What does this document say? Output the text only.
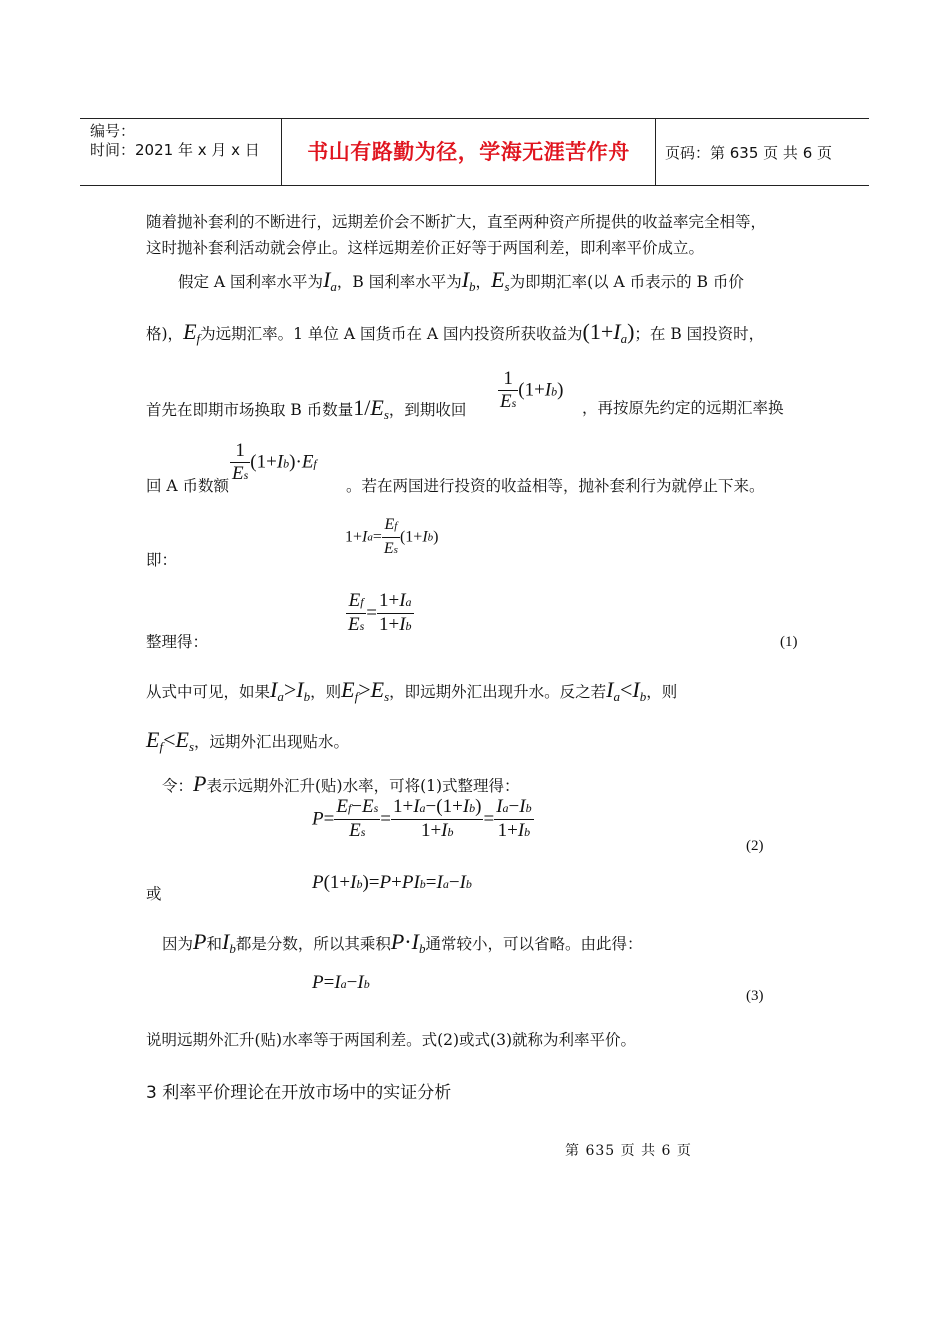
编号：
时间：2021 年 x 月 x 日	书山有路勤为径，学海无涯苦作舟	页码：第 635 页 共 6 页
随着抛补套利的不断进行，远期差价会不断扩大，直至两种资产所提供的收益率完全相等，
这时抛补套利活动就会停止。这样远期差价正好等于两国利差，即利率平价成立。
假定 A 国利率水平为$I_a$，B 国利率水平为$I_b$，$E_s$为即期汇率(以 A 币表示的 B 币价
格)，$E_f$为远期汇率。1 单位 A 国货币在 A 国内投资所获收益为$(1+I_a)$；在 B 国投资时，
首先在即期市场换取 B 币数量$1/E_s$，到期收回 $\frac{1}{Es} (1+Ib)$
，再按原先约定的远期汇率换
回 A 币数额 $\frac{1}{Es} (1+Ib)\cdot Ef$
。若在两国进行投资的收益相等，抛补套利行为就停止下来。
即：
$1+Ia= \frac{Ef}{Es} (1+Ib)$
整理得：
$\frac{Ef}{Es} = \frac{1+Ia}{1+Ib}$
(1)
从式中可见，如果$I_a>I_b$，则$E_f>E_s$，即远期外汇出现升水。反之若$I_a<I_b$，则
$E_f<E_s$，远期外汇出现贴水。
令：P表示远期外汇升(贴)水率，可将(1)式整理得：
$P= \frac{Ef-Es}{Es} = \frac{1+Ia-(1+Ib)}{1+Ib} = \frac{Ia-Ib}{1+Ib}$
(2)
或
P(1+Ib)=P+PIb=Ia−Ib
因为P和$I_b$都是分数，所以其乘积$P\cdot I_b$通常较小，可以省略。由此得：
P=Ia−Ib
(3)
说明远期外汇升(贴)水率等于两国利差。式(2)或式(3)就称为利率平价。
3 利率平价理论在开放市场中的实证分析
第 635 页 共 6 页
